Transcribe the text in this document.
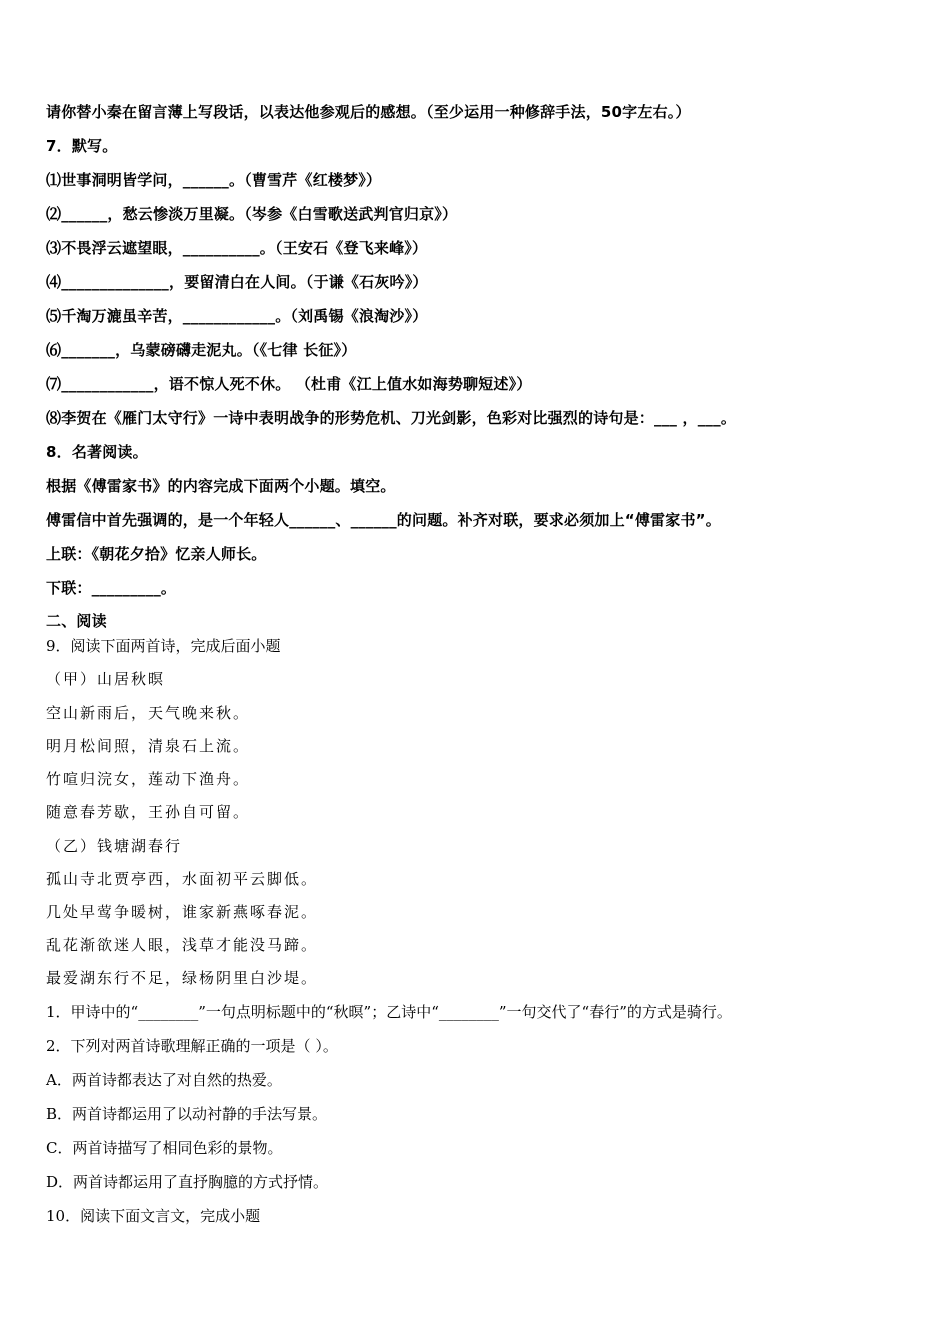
请你替小秦在留言薄上写段话，以表达他参观后的感想。（至少运用一种修辞手法，50字左右。）
7．默写。
⑴世事洞明皆学问，______。（曹雪芹《红楼梦》）
⑵______，愁云惨淡万里凝。（岑参《白雪歌送武判官归京》）
⑶不畏浮云遮望眼，__________。（王安石《登飞来峰》）
⑷______________，要留清白在人间。（于谦《石灰吟》）
⑸千淘万漉虽辛苦，____________。（刘禹锡《浪淘沙》）
⑹_______，乌蒙磅礴走泥丸。（《七律 长征》）
⑺____________，语不惊人死不休。 （杜甫《江上值水如海势聊短述》）
⑻李贺在《雁门太守行》一诗中表明战争的形势危机、刀光剑影，色彩对比强烈的诗句是：___ ，___。
8．名著阅读。
根据《傅雷家书》的内容完成下面两个小题。填空。
傅雷信中首先强调的，是一个年轻人______、______的问题。补齐对联，要求必须加上“傅雷家书”。
上联：《朝花夕拾》忆亲人师长。
下联：_________。
二、阅读
9．阅读下面两首诗，完成后面小题
（甲）山居秋暝
空山新雨后，天气晚来秋。
明月松间照，清泉石上流。
竹喧归浣女，莲动下渔舟。
随意春芳歇，王孙自可留。
（乙）钱塘湖春行
孤山寺北贾亭西，水面初平云脚低。
几处早莺争暖树，谁家新燕啄春泥。
乱花渐欲迷人眼，浅草才能没马蹄。
最爱湖东行不足，绿杨阴里白沙堤。
1．甲诗中的“________”一句点明标题中的“秋暝”；乙诗中“________”一句交代了“春行”的方式是骑行。
2．下列对两首诗歌理解正确的一项是（ ）。
A．两首诗都表达了对自然的热爱。
B．两首诗都运用了以动衬静的手法写景。
C．两首诗描写了相同色彩的景物。
D．两首诗都运用了直抒胸臆的方式抒情。
10．阅读下面文言文，完成小题
